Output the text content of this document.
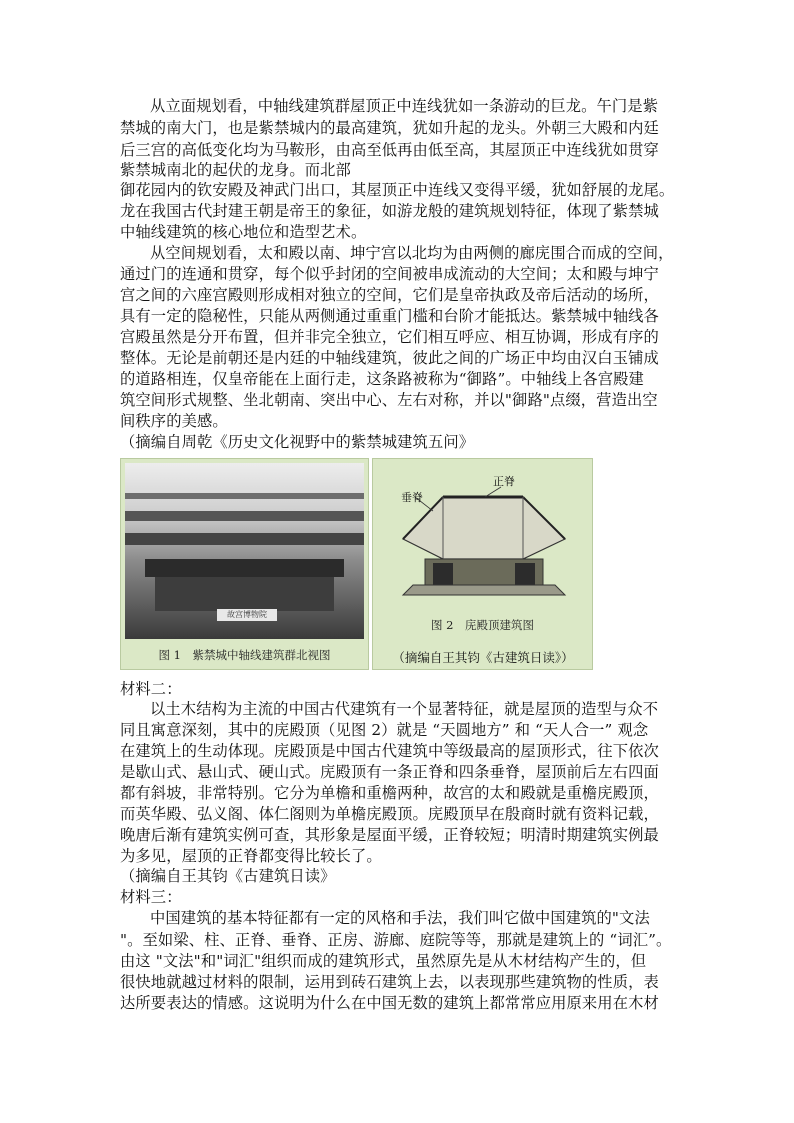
从立面规划看，中轴线建筑群屋顶正中连线犹如一条游动的巨龙。午门是紫
禁城的南大门，也是紫禁城内的最高建筑，犹如升起的龙头。外朝三大殿和内廷
后三宫的高低变化均为马鞍形，由高至低再由低至高，其屋顶正中连线犹如贯穿
紫禁城南北的起伏的龙身。而北部
御花园内的钦安殿及神武门出口，其屋顶正中连线又变得平缓，犹如舒展的龙尾。
龙在我国古代封建王朝是帝王的象征，如游龙般的建筑规划特征，体现了紫禁城
中轴线建筑的核心地位和造型艺术。
从空间规划看，太和殿以南、坤宁宫以北均为由两侧的廊庑围合而成的空间，
通过门的连通和贯穿，每个似乎封闭的空间被串成流动的大空间；太和殿与坤宁
宫之间的六座宫殿则形成相对独立的空间，它们是皇帝执政及帝后活动的场所，
具有一定的隐秘性，只能从两侧通过重重门槛和台阶才能抵达。紫禁城中轴线各
宫殿虽然是分开布置，但并非完全独立，它们相互呼应、相互协调，形成有序的
整体。无论是前朝还是内廷的中轴线建筑，彼此之间的广场正中均由汉白玉铺成
的道路相连，仅皇帝能在上面行走，这条路被称为“御路”。中轴线上各宫殿建
筑空间形式规整、坐北朝南、突出中心、左右对称，并以"御路"点缀，营造出空
间秩序的美感。
（摘编自周乾《历史文化视野中的紫禁城建筑五问》
故宫博物院
图 1　紫禁城中轴线建筑群北视图
垂脊
正脊
图 2　庑殿顶建筑图
（摘编自王其钧《古建筑日读》）
材料二：
以土木结构为主流的中国古代建筑有一个显著特征，就是屋顶的造型与众不
同且寓意深刻，其中的庑殿顶（见图 2）就是 “天圆地方” 和 “天人合一” 观念
在建筑上的生动体现。庑殿顶是中国古代建筑中等级最高的屋顶形式，往下依次
是歇山式、悬山式、硬山式。庑殿顶有一条正脊和四条垂脊，屋顶前后左右四面
都有斜坡，非常特别。它分为单檐和重檐两种，故宫的太和殿就是重檐庑殿顶，
而英华殿、弘义阁、体仁阁则为单檐庑殿顶。庑殿顶早在殷商时就有资料记载，
晚唐后渐有建筑实例可查，其形象是屋面平缓，正脊较短；明清时期建筑实例最
为多见，屋顶的正脊都变得比较长了。
（摘编自王其钧《古建筑日读》
材料三：
中国建筑的基本特征都有一定的风格和手法，我们叫它做中国建筑的"文法
"。至如梁、柱、正脊、垂脊、正房、游廊、庭院等等，那就是建筑上的 “词汇”。
由这 "文法"和"词汇"组织而成的建筑形式，虽然原先是从木材结构产生的，但
很快地就越过材料的限制，运用到砖石建筑上去，以表现那些建筑物的性质，表
达所要表达的情感。这说明为什么在中国无数的建筑上都常常应用原来用在木材
